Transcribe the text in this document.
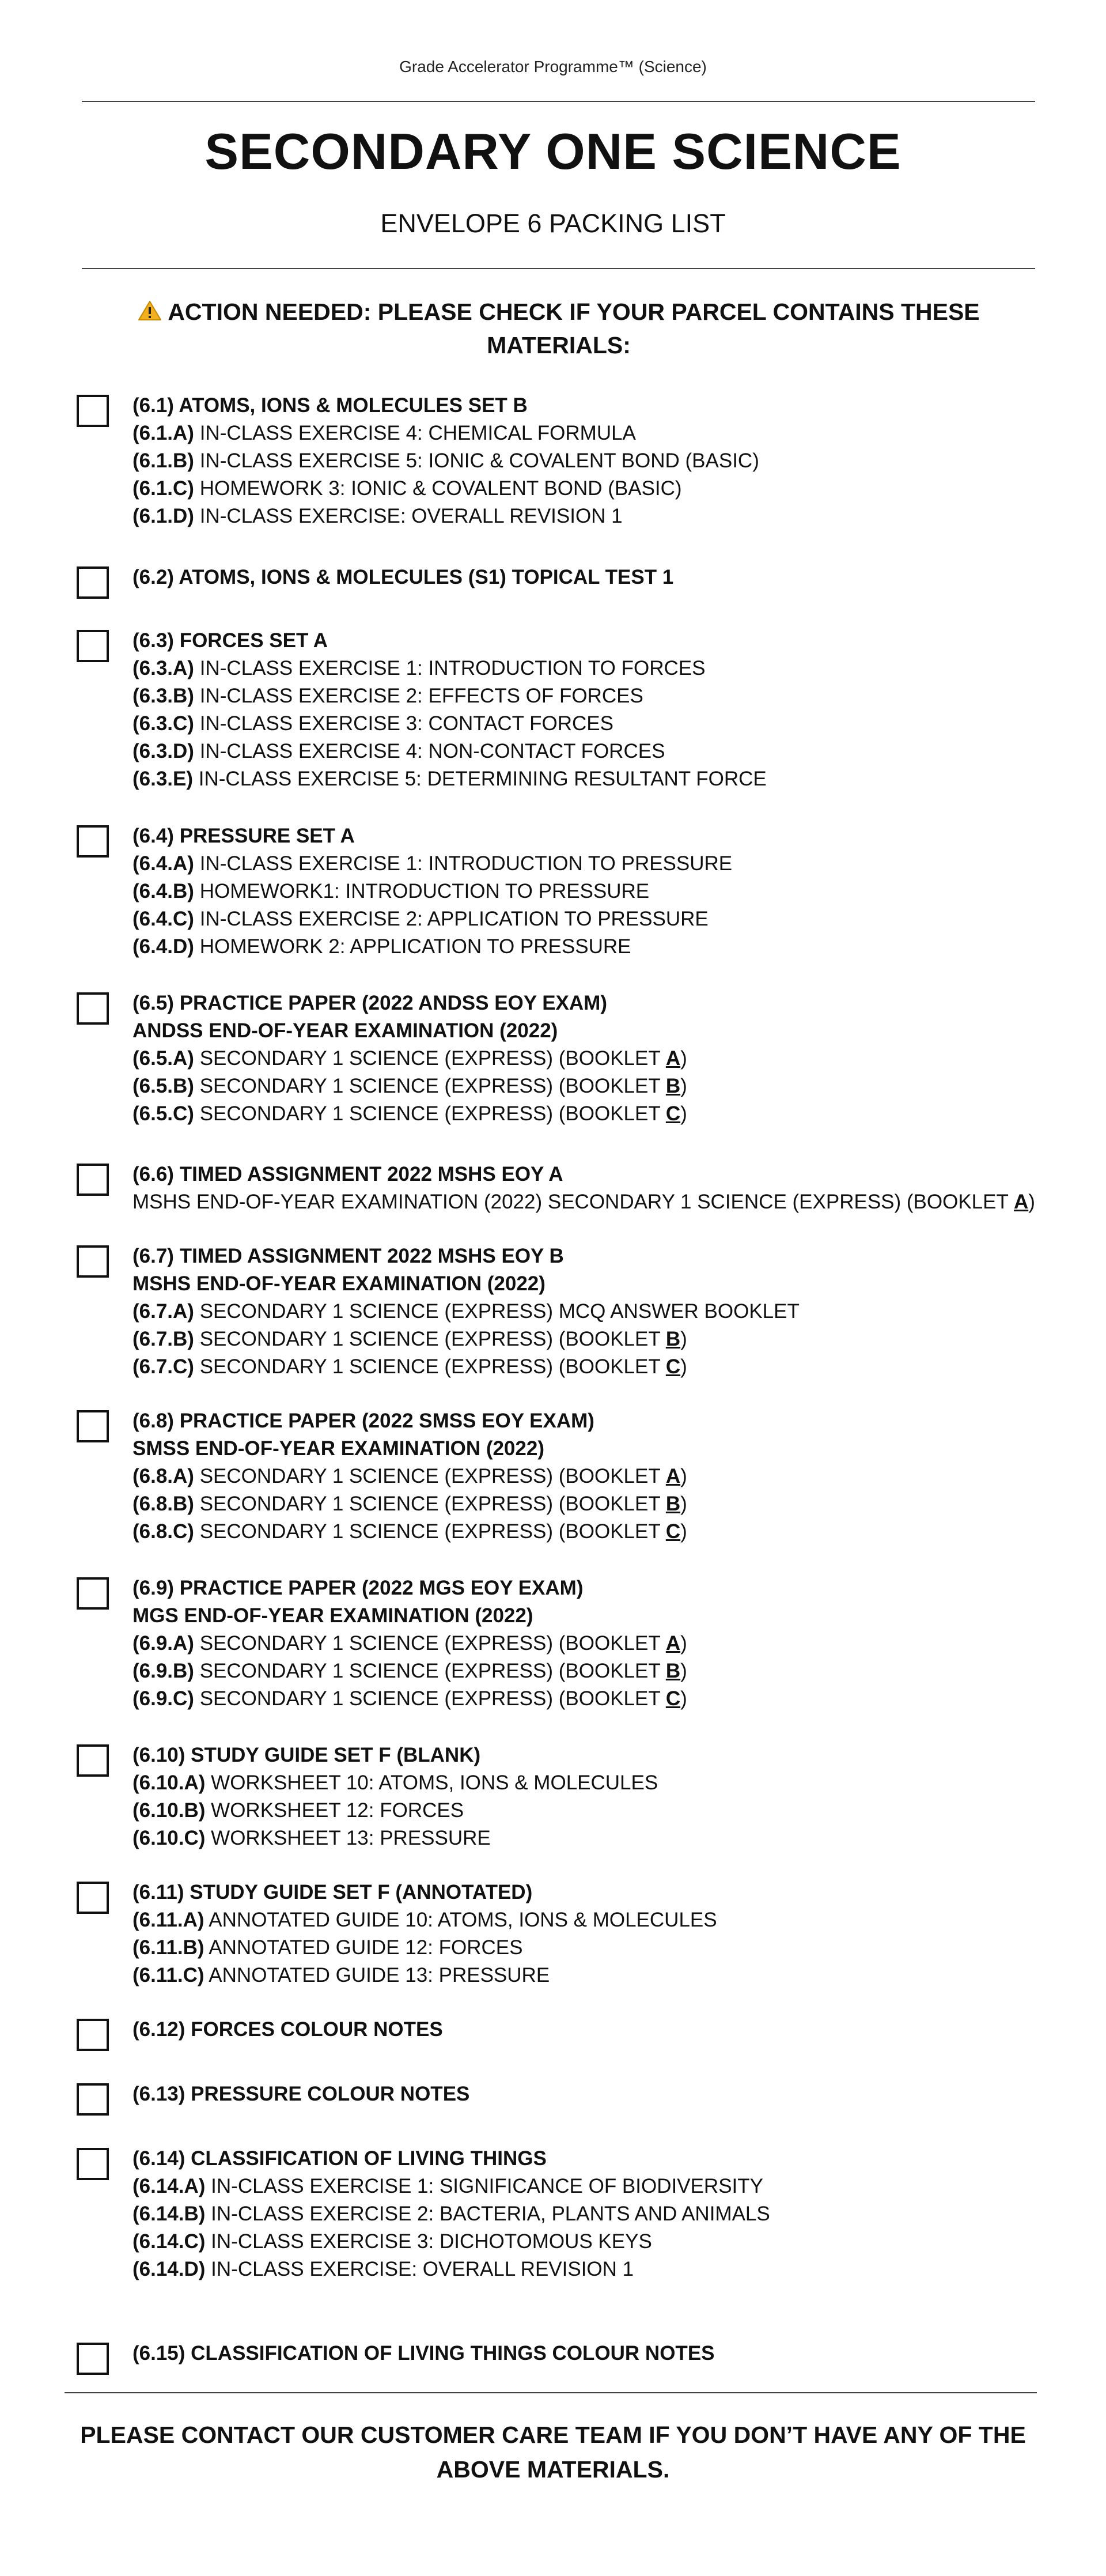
Grade Accelerator Programme™ (Science)
SECONDARY ONE SCIENCE
ENVELOPE 6 PACKING LIST
ACTION NEEDED: PLEASE CHECK IF YOUR PARCEL CONTAINS THESE MATERIALS:
(6.1) ATOMS, IONS & MOLECULES SET B
(6.1.A) IN-CLASS EXERCISE 4: CHEMICAL FORMULA
(6.1.B) IN-CLASS EXERCISE 5: IONIC & COVALENT BOND (BASIC)
(6.1.C) HOMEWORK 3: IONIC & COVALENT BOND (BASIC)
(6.1.D) IN-CLASS EXERCISE: OVERALL REVISION 1
(6.2) ATOMS, IONS & MOLECULES (S1) TOPICAL TEST 1
(6.3) FORCES SET A
(6.3.A) IN-CLASS EXERCISE 1: INTRODUCTION TO FORCES
(6.3.B) IN-CLASS EXERCISE 2: EFFECTS OF FORCES
(6.3.C) IN-CLASS EXERCISE 3: CONTACT FORCES
(6.3.D) IN-CLASS EXERCISE 4: NON-CONTACT FORCES
(6.3.E) IN-CLASS EXERCISE 5: DETERMINING RESULTANT FORCE
(6.4) PRESSURE SET A
(6.4.A) IN-CLASS EXERCISE 1: INTRODUCTION TO PRESSURE
(6.4.B) HOMEWORK1: INTRODUCTION TO PRESSURE
(6.4.C) IN-CLASS EXERCISE 2: APPLICATION TO PRESSURE
(6.4.D) HOMEWORK 2: APPLICATION TO PRESSURE
(6.5) PRACTICE PAPER (2022 ANDSS EOY EXAM)
ANDSS END-OF-YEAR EXAMINATION (2022)
(6.5.A) SECONDARY 1 SCIENCE (EXPRESS) (BOOKLET A)
(6.5.B) SECONDARY 1 SCIENCE (EXPRESS) (BOOKLET B)
(6.5.C) SECONDARY 1 SCIENCE (EXPRESS) (BOOKLET C)
(6.6) TIMED ASSIGNMENT 2022 MSHS EOY A
MSHS END-OF-YEAR EXAMINATION (2022) SECONDARY 1 SCIENCE (EXPRESS) (BOOKLET A)
(6.7) TIMED ASSIGNMENT 2022 MSHS EOY B
MSHS END-OF-YEAR EXAMINATION (2022)
(6.7.A) SECONDARY 1 SCIENCE (EXPRESS) MCQ ANSWER BOOKLET
(6.7.B) SECONDARY 1 SCIENCE (EXPRESS) (BOOKLET B)
(6.7.C) SECONDARY 1 SCIENCE (EXPRESS) (BOOKLET C)
(6.8) PRACTICE PAPER (2022 SMSS EOY EXAM)
SMSS END-OF-YEAR EXAMINATION (2022)
(6.8.A) SECONDARY 1 SCIENCE (EXPRESS) (BOOKLET A)
(6.8.B) SECONDARY 1 SCIENCE (EXPRESS) (BOOKLET B)
(6.8.C) SECONDARY 1 SCIENCE (EXPRESS) (BOOKLET C)
(6.9) PRACTICE PAPER (2022 MGS EOY EXAM)
MGS END-OF-YEAR EXAMINATION (2022)
(6.9.A) SECONDARY 1 SCIENCE (EXPRESS) (BOOKLET A)
(6.9.B) SECONDARY 1 SCIENCE (EXPRESS) (BOOKLET B)
(6.9.C) SECONDARY 1 SCIENCE (EXPRESS) (BOOKLET C)
(6.10) STUDY GUIDE SET F (BLANK)
(6.10.A) WORKSHEET 10: ATOMS, IONS & MOLECULES
(6.10.B) WORKSHEET 12: FORCES
(6.10.C) WORKSHEET 13: PRESSURE
(6.11) STUDY GUIDE SET F (ANNOTATED)
(6.11.A) ANNOTATED GUIDE 10: ATOMS, IONS & MOLECULES
(6.11.B) ANNOTATED GUIDE 12: FORCES
(6.11.C) ANNOTATED GUIDE 13: PRESSURE
(6.12) FORCES COLOUR NOTES
(6.13) PRESSURE COLOUR NOTES
(6.14) CLASSIFICATION OF LIVING THINGS
(6.14.A) IN-CLASS EXERCISE 1: SIGNIFICANCE OF BIODIVERSITY
(6.14.B) IN-CLASS EXERCISE 2: BACTERIA, PLANTS AND ANIMALS
(6.14.C) IN-CLASS EXERCISE 3: DICHOTOMOUS KEYS
(6.14.D) IN-CLASS EXERCISE: OVERALL REVISION 1
(6.15) CLASSIFICATION OF LIVING THINGS COLOUR NOTES
PLEASE CONTACT OUR CUSTOMER CARE TEAM IF YOU DON’T HAVE ANY OF THE ABOVE MATERIALS.
